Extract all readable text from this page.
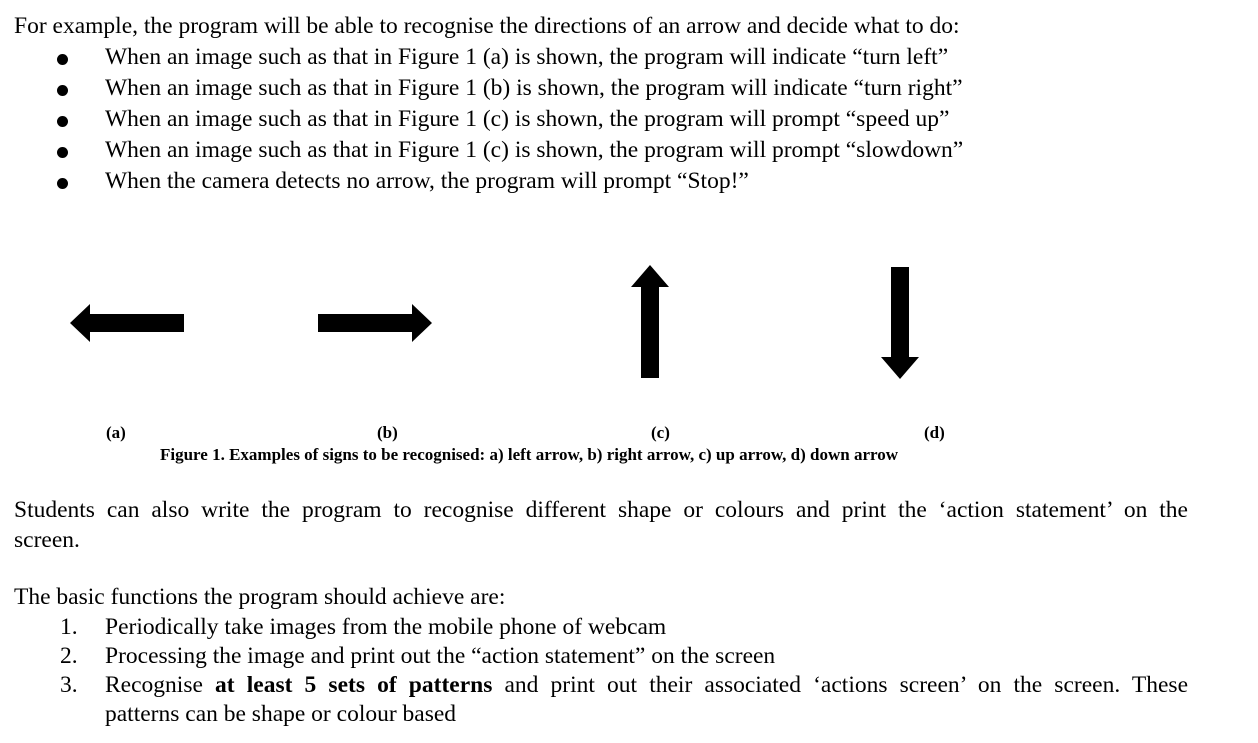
For example, the program will be able to recognise the directions of an arrow and decide what to do:
When an image such as that in Figure 1 (a) is shown, the program will indicate “turn left”
When an image such as that in Figure 1 (b) is shown, the program will indicate “turn right”
When an image such as that in Figure 1 (c) is shown, the program will prompt “speed up”
When an image such as that in Figure 1 (c) is shown, the program will prompt “slowdown”
When the camera detects no arrow, the program will prompt “Stop!”
(a)	(b)	(c)	(d)
Figure 1. Examples of signs to be recognised: a) left arrow, b) right arrow, c) up arrow, d) down arrow
Students can also write the program to recognise different shape or colours and print the ‘action statement’ on the
screen.
The basic functions the program should achieve are:
1. Periodically take images from the mobile phone of webcam
2. Processing the image and print out the “action statement” on the screen
3. Recognise at least 5 sets of patterns and print out their associated ‘actions screen’ on the screen. These
patterns can be shape or colour based
